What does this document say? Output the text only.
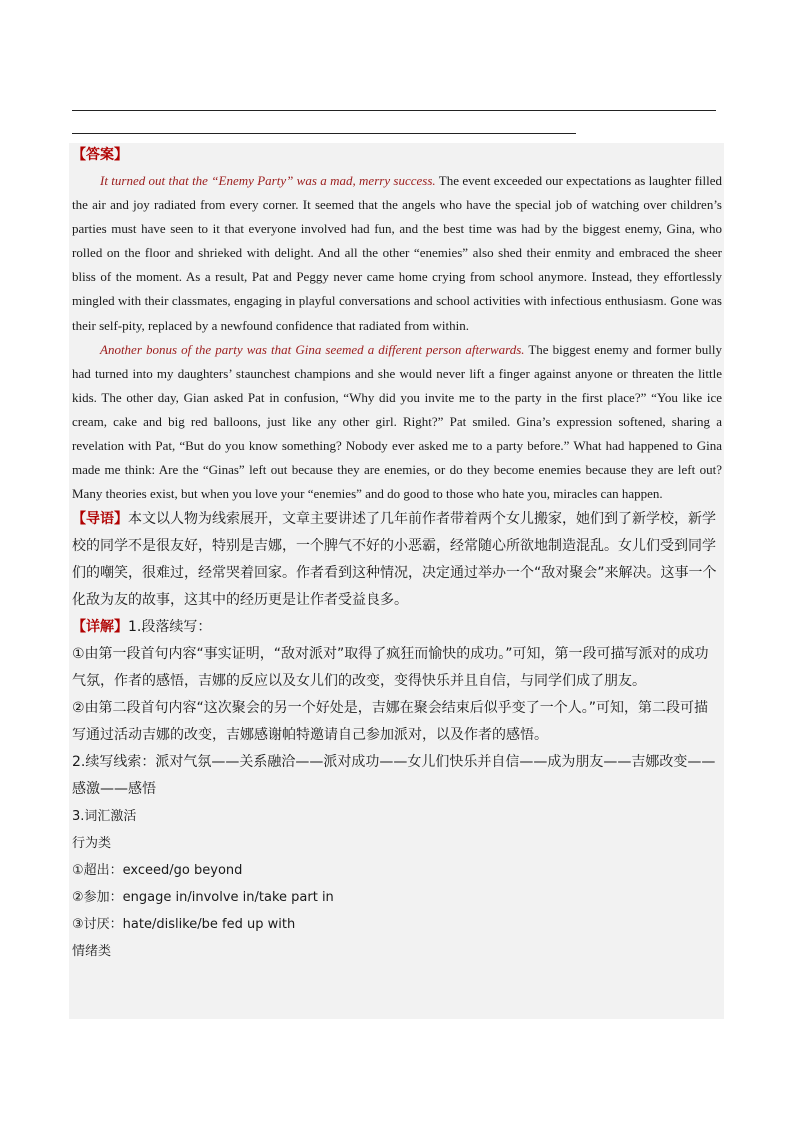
【答案】

It turned out that the “Enemy Party” was a mad, merry success. The event exceeded our expectations as laughter filled the air and joy radiated from every corner. It seemed that the angels who have the special job of watching over children’s parties must have seen to it that everyone involved had fun, and the best time was had by the biggest enemy, Gina, who rolled on the floor and shrieked with delight. And all the other “enemies” also shed their enmity and embraced the sheer bliss of the moment. As a result, Pat and Peggy never came home crying from school anymore. Instead, they effortlessly mingled with their classmates, engaging in playful conversations and school activities with infectious enthusiasm. Gone was their self-pity, replaced by a newfound confidence that radiated from within.

Another bonus of the party was that Gina seemed a different person afterwards. The biggest enemy and former bully had turned into my daughters’ staunchest champions and she would never lift a finger against anyone or threaten the little kids. The other day, Gian asked Pat in confusion, “Why did you invite me to the party in the first place?” “You like ice cream, cake and big red balloons, just like any other girl. Right?” Pat smiled. Gina’s expression softened, sharing a revelation with Pat, “But do you know something? Nobody ever asked me to a party before.” What had happened to Gina made me think: Are the “Ginas” left out because they are enemies, or do they become enemies because they are left out? Many theories exist, but when you love your “enemies” and do good to those who hate you, miracles can happen.

【导语】本文以人物为线索展开，文章主要讲述了几年前作者带着两个女儿搬家，她们到了新学校，新学校的同学不是很友好，特别是吉娜，一个脾气不好的小恶霸，经常随心所欲地制造混乱。女儿们受到同学们的嘲笑，很难过，经常哭着回家。作者看到这种情况，决定通过举办一个“敌对聚会”来解决。这事一个化敌为友的故事，这其中的经历更是让作者受益良多。

【详解】1.段落续写：

①由第一段首句内容“事实证明，“敌对派对”取得了疯狂而愉快的成功。”可知，第一段可描写派对的成功气氛，作者的感悟，吉娜的反应以及女儿们的改变，变得快乐并且自信，与同学们成了朋友。

②由第二段首句内容“这次聚会的另一个好处是，吉娜在聚会结束后似乎变了一个人。”可知，第二段可描写通过活动吉娜的改变，吉娜感谢帕特邀请自己参加派对，以及作者的感悟。

2.续写线索：派对气氛——关系融洽——派对成功——女儿们快乐并自信——成为朋友——吉娜改变——感激——感悟

3.词汇激活

行为类

①超出：exceed/go beyond

②参加：engage in/involve in/take part in

③讨厌：hate/dislike/be fed up with

情绪类
